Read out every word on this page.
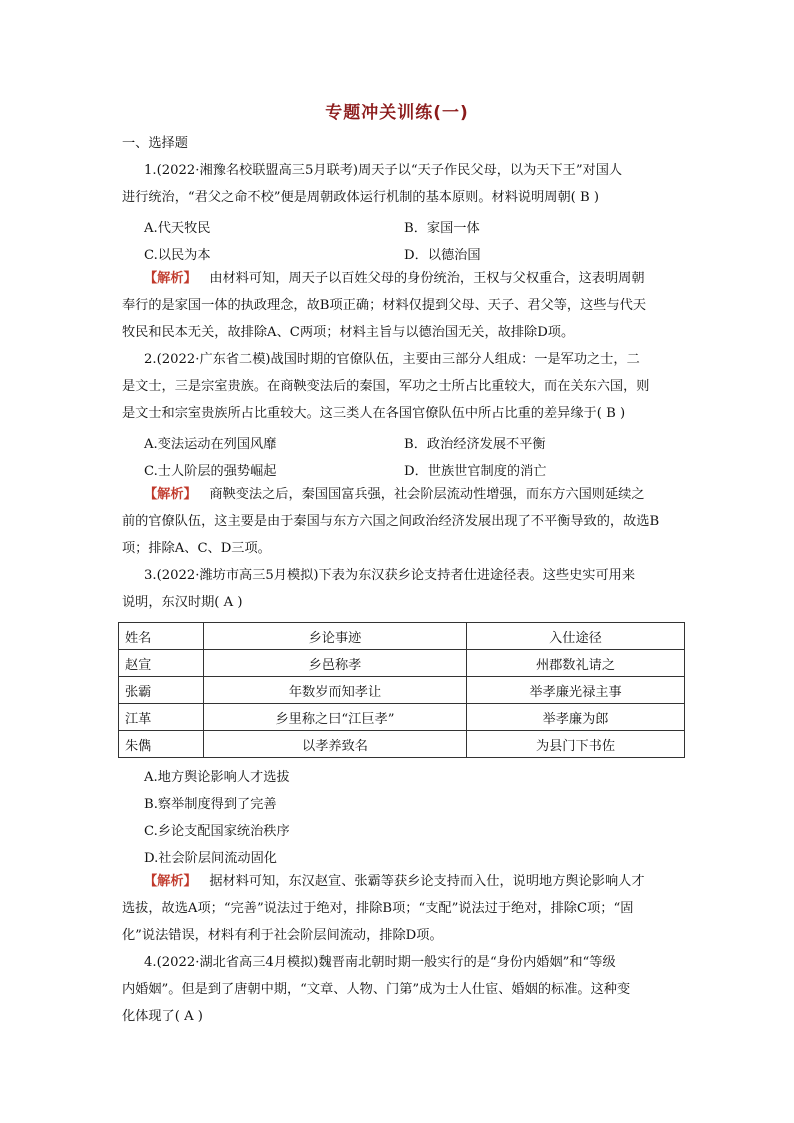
专题冲关训练(一)
一、选择题
1.(2022·湘豫名校联盟高三5月联考)周天子以“天子作民父母，以为天下王”对国人
进行统治，“君父之命不校”便是周朝政体运行机制的基本原则。材料说明周朝( B )
A.代天牧民	B．家国一体
C.以民为本	D．以德治国
【解析】 由材料可知，周天子以百姓父母的身份统治，王权与父权重合，这表明周朝
奉行的是家国一体的执政理念，故B项正确；材料仅提到父母、天子、君父等，这些与代天
牧民和民本无关，故排除A、C两项；材料主旨与以德治国无关，故排除D项。
2.(2022·广东省二模)战国时期的官僚队伍，主要由三部分人组成：一是军功之士，二
是文士，三是宗室贵族。在商鞅变法后的秦国，军功之士所占比重较大，而在关东六国，则
是文士和宗室贵族所占比重较大。这三类人在各国官僚队伍中所占比重的差异缘于( B )
A.变法运动在列国风靡	B．政治经济发展不平衡
C.士人阶层的强势崛起	D．世族世官制度的消亡
【解析】 商鞅变法之后，秦国国富兵强，社会阶层流动性增强，而东方六国则延续之
前的官僚队伍，这主要是由于秦国与东方六国之间政治经济发展出现了不平衡导致的，故选B
项；排除A、C、D三项。
3.(2022·潍坊市高三5月模拟)下表为东汉获乡论支持者仕进途径表。这些史实可用来
说明，东汉时期( A )
姓名	乡论事迹	入仕途径
赵宣	乡邑称孝	州郡数礼请之
张霸	年数岁而知孝让	举孝廉光禄主事
江革	乡里称之曰“江巨孝”	举孝廉为郎
朱儁	以孝养致名	为县门下书佐
A.地方舆论影响人才选拔
B.察举制度得到了完善
C.乡论支配国家统治秩序
D.社会阶层间流动固化
【解析】 据材料可知，东汉赵宣、张霸等获乡论支持而入仕，说明地方舆论影响人才
选拔，故选A项；“完善”说法过于绝对，排除B项；“支配”说法过于绝对，排除C项；“固
化”说法错误，材料有利于社会阶层间流动，排除D项。
4.(2022·湖北省高三4月模拟)魏晋南北朝时期一般实行的是“身份内婚姻”和“等级
内婚姻”。但是到了唐朝中期，“文章、人物、门第”成为士人仕宦、婚姻的标准。这种变
化体现了( A )
